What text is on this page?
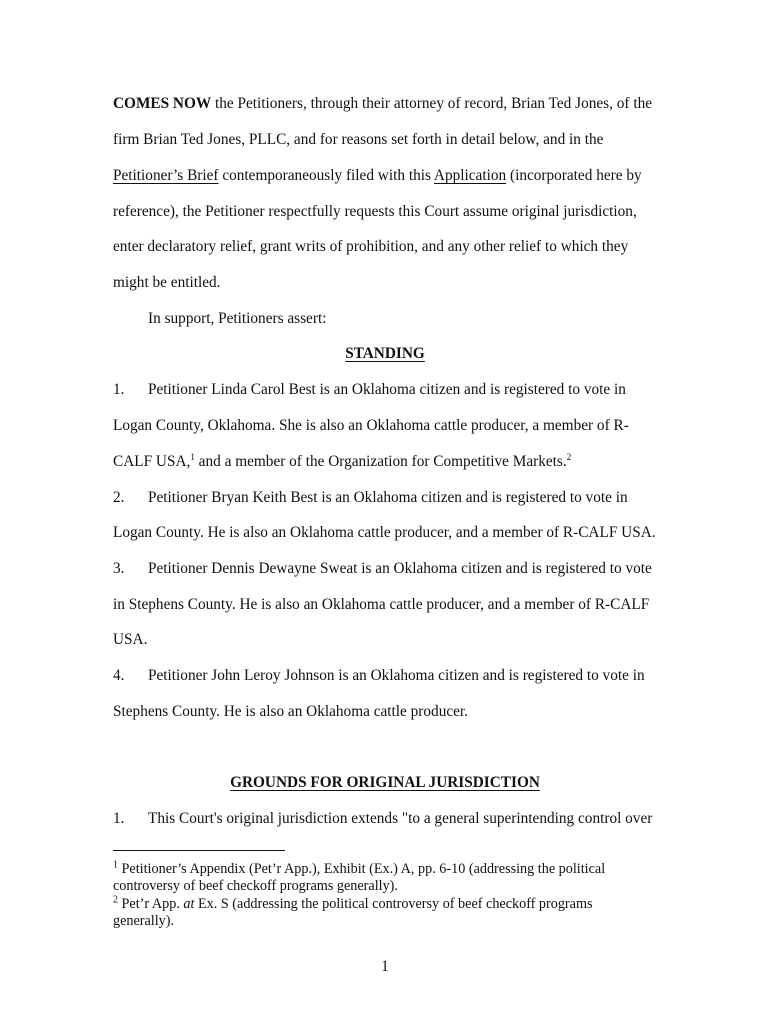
COMES NOW the Petitioners, through their attorney of record, Brian Ted Jones, of the
firm Brian Ted Jones, PLLC, and for reasons set forth in detail below, and in the
Petitioner’s Brief contemporaneously filed with this Application (incorporated here by
reference), the Petitioner respectfully requests this Court assume original jurisdiction,
enter declaratory relief, grant writs of prohibition, and any other relief to which they
might be entitled.
In support, Petitioners assert:
STANDING
1. Petitioner Linda Carol Best is an Oklahoma citizen and is registered to vote in
Logan County, Oklahoma. She is also an Oklahoma cattle producer, a member of R-
CALF USA,$^1$ and a member of the Organization for Competitive Markets.$^2$
2. Petitioner Bryan Keith Best is an Oklahoma citizen and is registered to vote in
Logan County. He is also an Oklahoma cattle producer, and a member of R-CALF USA.
3. Petitioner Dennis Dewayne Sweat is an Oklahoma citizen and is registered to vote
in Stephens County. He is also an Oklahoma cattle producer, and a member of R-CALF
USA.
4. Petitioner John Leroy Johnson is an Oklahoma citizen and is registered to vote in
Stephens County. He is also an Oklahoma cattle producer.
GROUNDS FOR ORIGINAL JURISDICTION
1. This Court's original jurisdiction extends "to a general superintending control over
$^1$ Petitioner’s Appendix (Pet’r App.), Exhibit (Ex.) A, pp. 6-10 (addressing the political
controversy of beef checkoff programs generally).
$^2$ Pet’r App. at Ex. S (addressing the political controversy of beef checkoff programs
generally).
1
